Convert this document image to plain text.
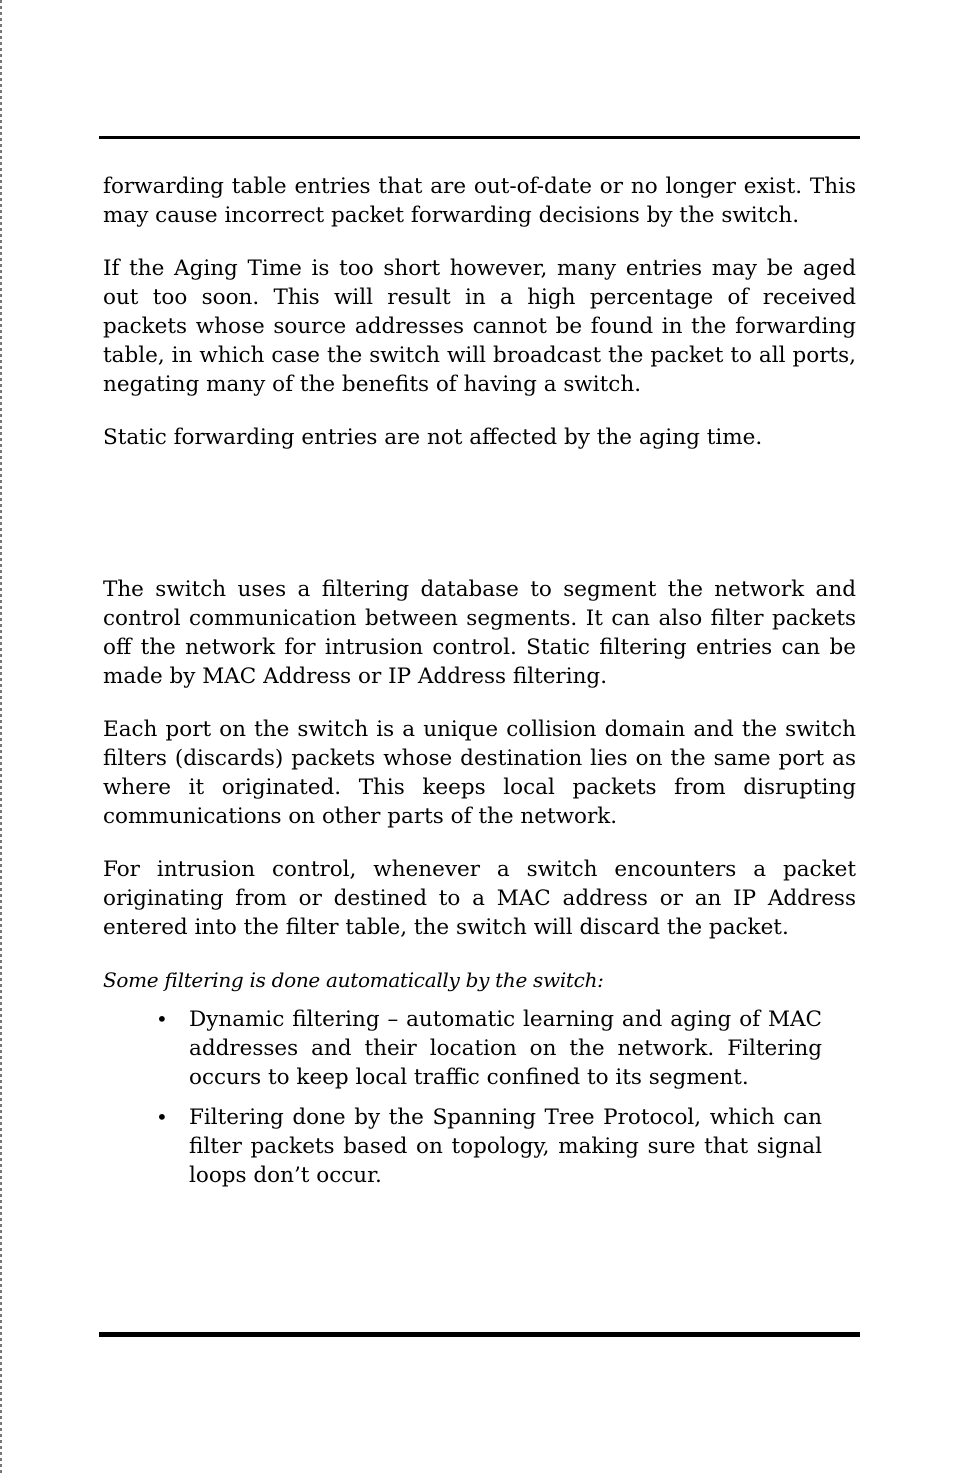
forwarding table entries that are out-of-date or no longer exist. This may cause incorrect packet forwarding decisions by the switch.

If the Aging Time is too short however, many entries may be aged out too soon. This will result in a high percentage of received packets whose source addresses cannot be found in the forwarding table, in which case the switch will broadcast the packet to all ports, negating many of the benefits of having a switch.

Static forwarding entries are not affected by the aging time.

The switch uses a filtering database to segment the network and control communication between segments. It can also filter packets off the network for intrusion control. Static filtering entries can be made by MAC Address or IP Address filtering.

Each port on the switch is a unique collision domain and the switch filters (discards) packets whose destination lies on the same port as where it originated. This keeps local packets from disrupting communications on other parts of the network.

For intrusion control, whenever a switch encounters a packet originating from or destined to a MAC address or an IP Address entered into the filter table, the switch will discard the packet.

Some filtering is done automatically by the switch:
• Dynamic filtering – automatic learning and aging of MAC addresses and their location on the network. Filtering occurs to keep local traffic confined to its segment.

• Filtering done by the Spanning Tree Protocol, which can filter packets based on topology, making sure that signal loops don’t occur.
